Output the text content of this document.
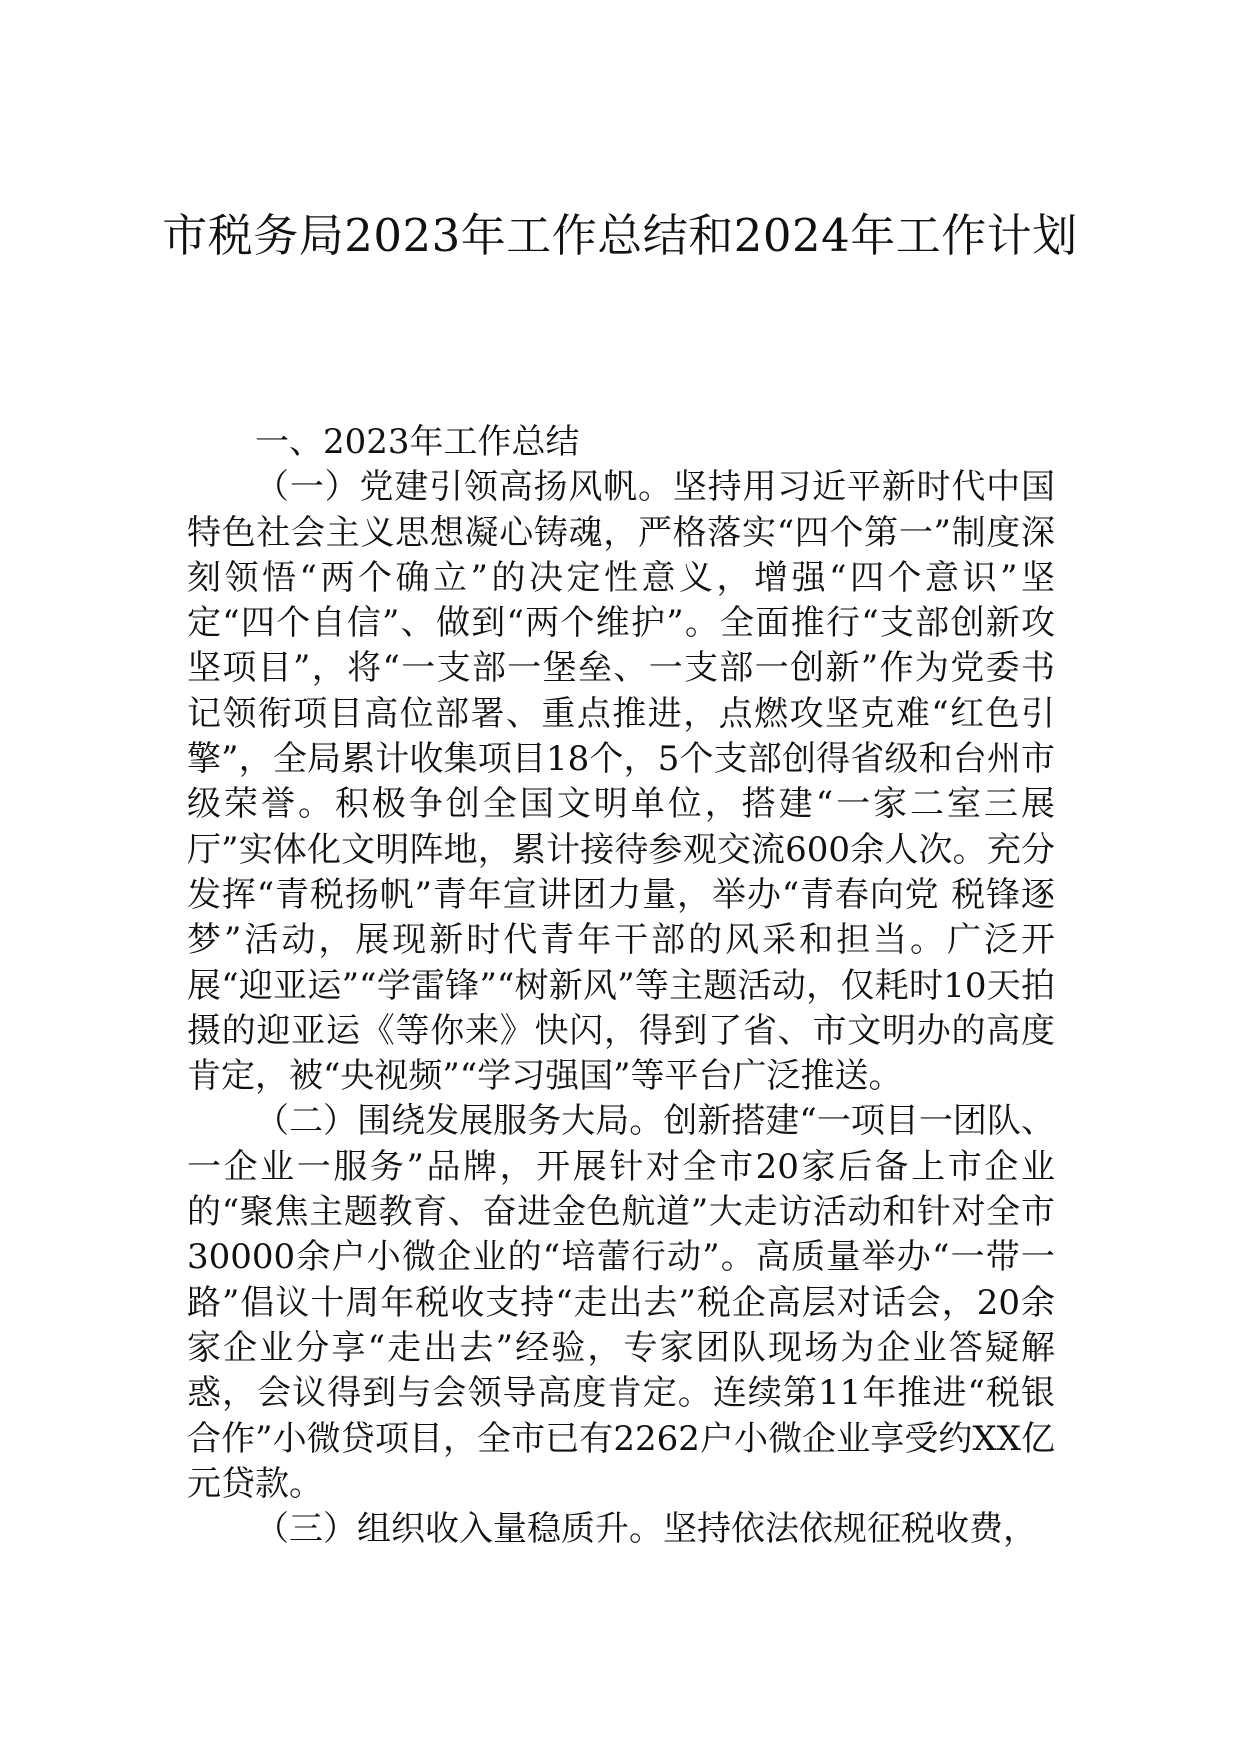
市税务局2023年工作总结和2024年工作计划

一、2023年工作总结

（一）党建引领高扬风帆。坚持用习近平新时代中国特色社会主义思想凝心铸魂，严格落实“四个第一”制度深刻领悟“两个确立”的决定性意义，增强“四个意识”坚定“四个自信”、做到“两个维护”。全面推行“支部创新攻坚项目”，将“一支部一堡垒、一支部一创新”作为党委书记领衔项目高位部署、重点推进，点燃攻坚克难“红色引擎”，全局累计收集项目18个，5个支部创得省级和台州市级荣誉。积极争创全国文明单位，搭建“一家二室三展厅”实体化文明阵地，累计接待参观交流600余人次。充分发挥“青税扬帆”青年宣讲团力量，举办“青春向党 税锋逐梦”活动，展现新时代青年干部的风采和担当。广泛开展“迎亚运”“学雷锋”“树新风”等主题活动，仅耗时10天拍摄的迎亚运《等你来》快闪，得到了省、市文明办的高度肯定，被“央视频”“学习强国”等平台广泛推送。

（二）围绕发展服务大局。创新搭建“一项目一团队、一企业一服务”品牌，开展针对全市20家后备上市企业的“聚焦主题教育、奋进金色航道”大走访活动和针对全市30000余户小微企业的“培蕾行动”。高质量举办“一带一路”倡议十周年税收支持“走出去”税企高层对话会，20余家企业分享“走出去”经验，专家团队现场为企业答疑解惑，会议得到与会领导高度肯定。连续第11年推进“税银合作”小微贷项目，全市已有2262户小微企业享受约XX亿元贷款。

（三）组织收入量稳质升。坚持依法依规征税收费，
